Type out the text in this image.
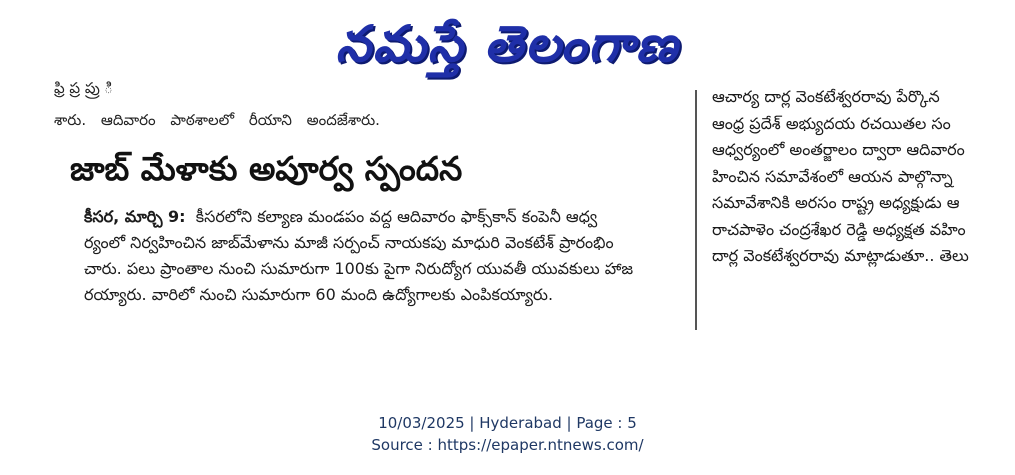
నమస్తే తెలంగాణ
ఫ్రి ప్ర ప్రు ి
శారు. ఆదివారం పాఠశాలలో రీయాని అందజేశారు.
జాబ్ మేళాకు అపూర్వ స్పందన

కీసర, మార్చి 9: కీసరలోని కల్యాణ మండపం వద్ద ఆదివారం ఫాక్స్‌కాన్ కంపెనీ ఆధ్వ

ర్యంలో నిర్వహించిన జాబ్‌మేళాను మాజీ సర్పంచ్ నాయకపు మాధురి వెంకటేశ్ ప్రారంభిం

చారు. పలు ప్రాంతాల నుంచి సుమారుగా 100కు పైగా నిరుద్యోగ యువతీ యువకులు హాజ

రయ్యారు. వారిలో నుంచి సుమారుగా 60 మంది ఉద్యోగాలకు ఎంపికయ్యారు.

ఆచార్య దార్ల వెంకటేశ్వరరావు పేర్కొన

ఆంధ్ర ప్రదేశ్ అభ్యుదయ రచయితల సం

ఆధ్వర్యంలో అంతర్జాలం ద్వారా ఆదివారం

హించిన సమావేశంలో ఆయన పాల్గొన్నా

సమావేశానికి అరసం రాష్ట్ర అధ్యక్షుడు ఆ

రాచపాళెం చంద్రశేఖర రెడ్డి అధ్యక్షత వహిం

దార్ల వెంకటేశ్వరరావు మాట్లాడుతూ.. తెలు

10/03/2025 | Hyderabad | Page : 5
Source : https://epaper.ntnews.com/
